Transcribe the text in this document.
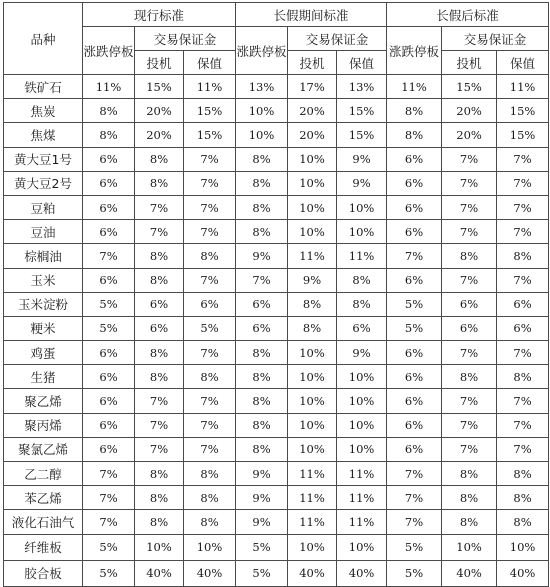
品种	现行标准			长假期间标准			长假后标准		
	涨跌停板	交易保证金		涨跌停板	交易保证金		涨跌停板	交易保证金	
		投机	保值		投机	保值		投机	保值
铁矿石	11%	15%	11%	13%	17%	13%	11%	15%	11%
焦炭	8%	20%	15%	10%	20%	15%	8%	20%	15%
焦煤	8%	20%	15%	10%	20%	15%	8%	20%	15%
黄大豆1号	6%	8%	7%	8%	10%	9%	6%	7%	7%
黄大豆2号	6%	8%	7%	8%	10%	9%	6%	7%	7%
豆粕	6%	7%	7%	8%	10%	10%	6%	7%	7%
豆油	6%	7%	7%	8%	10%	10%	6%	7%	7%
棕榈油	7%	8%	8%	9%	11%	11%	7%	8%	8%
玉米	6%	8%	7%	7%	9%	8%	6%	7%	7%
玉米淀粉	5%	6%	6%	6%	8%	8%	5%	6%	6%
粳米	5%	6%	5%	6%	8%	6%	5%	6%	6%
鸡蛋	6%	8%	7%	8%	10%	9%	6%	7%	7%
生猪	6%	8%	8%	8%	10%	10%	6%	8%	8%
聚乙烯	6%	7%	7%	8%	10%	10%	6%	7%	7%
聚丙烯	6%	7%	7%	8%	10%	10%	6%	7%	7%
聚氯乙烯	6%	7%	7%	8%	10%	10%	6%	7%	7%
乙二醇	7%	8%	8%	9%	11%	11%	7%	8%	8%
苯乙烯	7%	8%	8%	9%	11%	11%	7%	8%	8%
液化石油气	7%	8%	8%	9%	11%	11%	7%	8%	8%
纤维板	5%	10%	10%	5%	10%	10%	5%	10%	10%
胶合板	5%	40%	40%	5%	40%	40%	5%	40%	40%
